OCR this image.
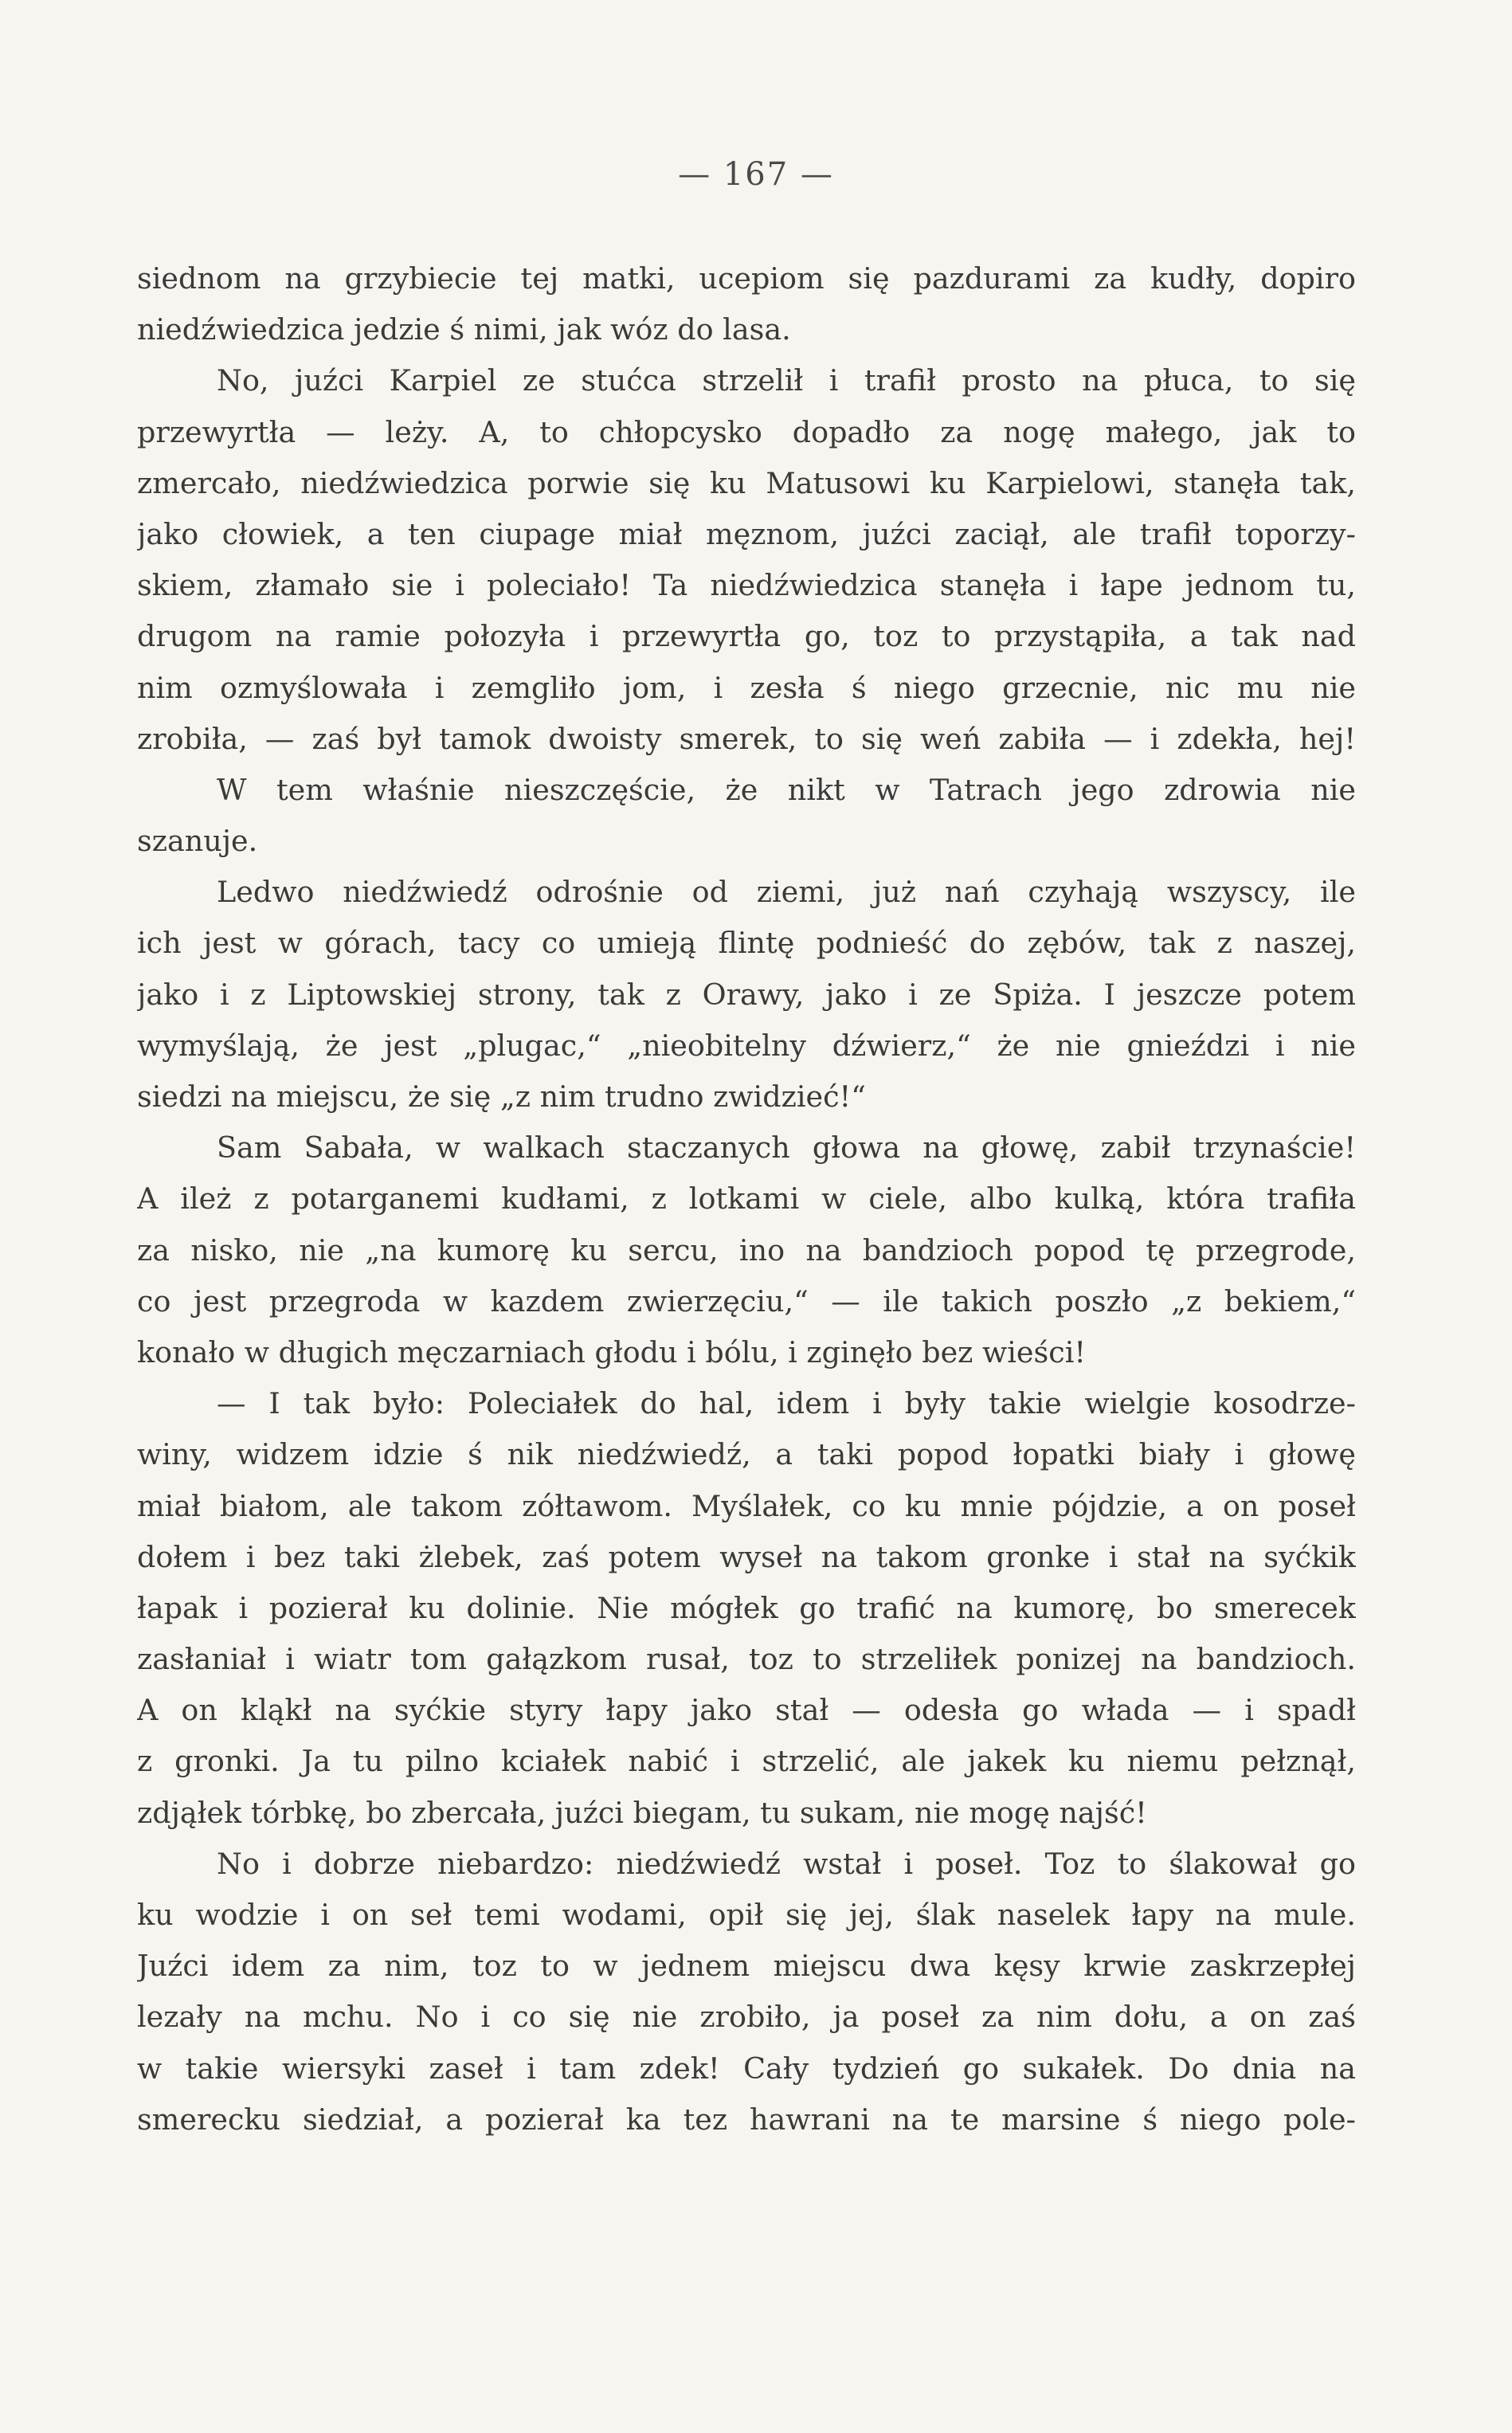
— 167 —
siednom na grzybiecie tej matki, ucepiom się pazdurami za kudły, dopiro
niedźwiedzica jedzie ś nimi, jak wóz do lasa.
No, juźci Karpiel ze stućca strzelił i trafił prosto na płuca, to się
przewyrtła — leży. A, to chłopcysko dopadło za nogę małego, jak to
zmercało, niedźwiedzica porwie się ku Matusowi ku Karpielowi, stanęła tak,
jako cłowiek, a ten ciupage miał męznom, juźci zaciął, ale trafił toporzy-
skiem, złamało sie i poleciało! Ta niedźwiedzica stanęła i łape jednom tu,
drugom na ramie połozyła i przewyrtła go, toz to przystąpiła, a tak nad
nim ozmyślowała i zemgliło jom, i zesła ś niego grzecnie, nic mu nie
zrobiła, — zaś był tamok dwoisty smerek, to się weń zabiła — i zdekła, hej!
W tem właśnie nieszczęście, że nikt w Tatrach jego zdrowia nie
szanuje.
Ledwo niedźwiedź odrośnie od ziemi, już nań czyhają wszyscy, ile
ich jest w górach, tacy co umieją flintę podnieść do zębów, tak z naszej,
jako i z Liptowskiej strony, tak z Orawy, jako i ze Spiża. I jeszcze potem
wymyślają, że jest „plugac,“ „nieobitelny dźwierz,“ że nie gnieździ i nie
siedzi na miejscu, że się „z nim trudno zwidzieć!“
Sam Sabała, w walkach staczanych głowa na głowę, zabił trzynaście!
A ileż z potarganemi kudłami, z lotkami w ciele, albo kulką, która trafiła
za nisko, nie „na kumorę ku sercu, ino na bandzioch popod tę przegrode,
co jest przegroda w kazdem zwierzęciu,“ — ile takich poszło „z bekiem,“
konało w długich męczarniach głodu i bólu, i zginęło bez wieści!
— I tak było: Poleciałek do hal, idem i były takie wielgie kosodrze-
winy, widzem idzie ś nik niedźwiedź, a taki popod łopatki biały i głowę
miał białom, ale takom zółtawom. Myślałek, co ku mnie pójdzie, a on poseł
dołem i bez taki żlebek, zaś potem wyseł na takom gronke i stał na syćkik
łapak i pozierał ku dolinie. Nie mógłek go trafić na kumorę, bo smerecek
zasłaniał i wiatr tom gałązkom rusał, toz to strzeliłek ponizej na bandzioch.
A on kląkł na syćkie styry łapy jako stał — odesła go włada — i spadł
z gronki. Ja tu pilno kciałek nabić i strzelić, ale jakek ku niemu pełznął,
zdjąłek tórbkę, bo zbercała, juźci biegam, tu sukam, nie mogę najść!
No i dobrze niebardzo: niedźwiedź wstał i poseł. Toz to ślakował go
ku wodzie i on seł temi wodami, opił się jej, ślak naselek łapy na mule.
Juźci idem za nim, toz to w jednem miejscu dwa kęsy krwie zaskrzepłej
lezały na mchu. No i co się nie zrobiło, ja poseł za nim dołu, a on zaś
w takie wiersyki zaseł i tam zdek! Cały tydzień go sukałek. Do dnia na
smerecku siedział, a pozierał ka tez hawrani na te marsine ś niego pole-
